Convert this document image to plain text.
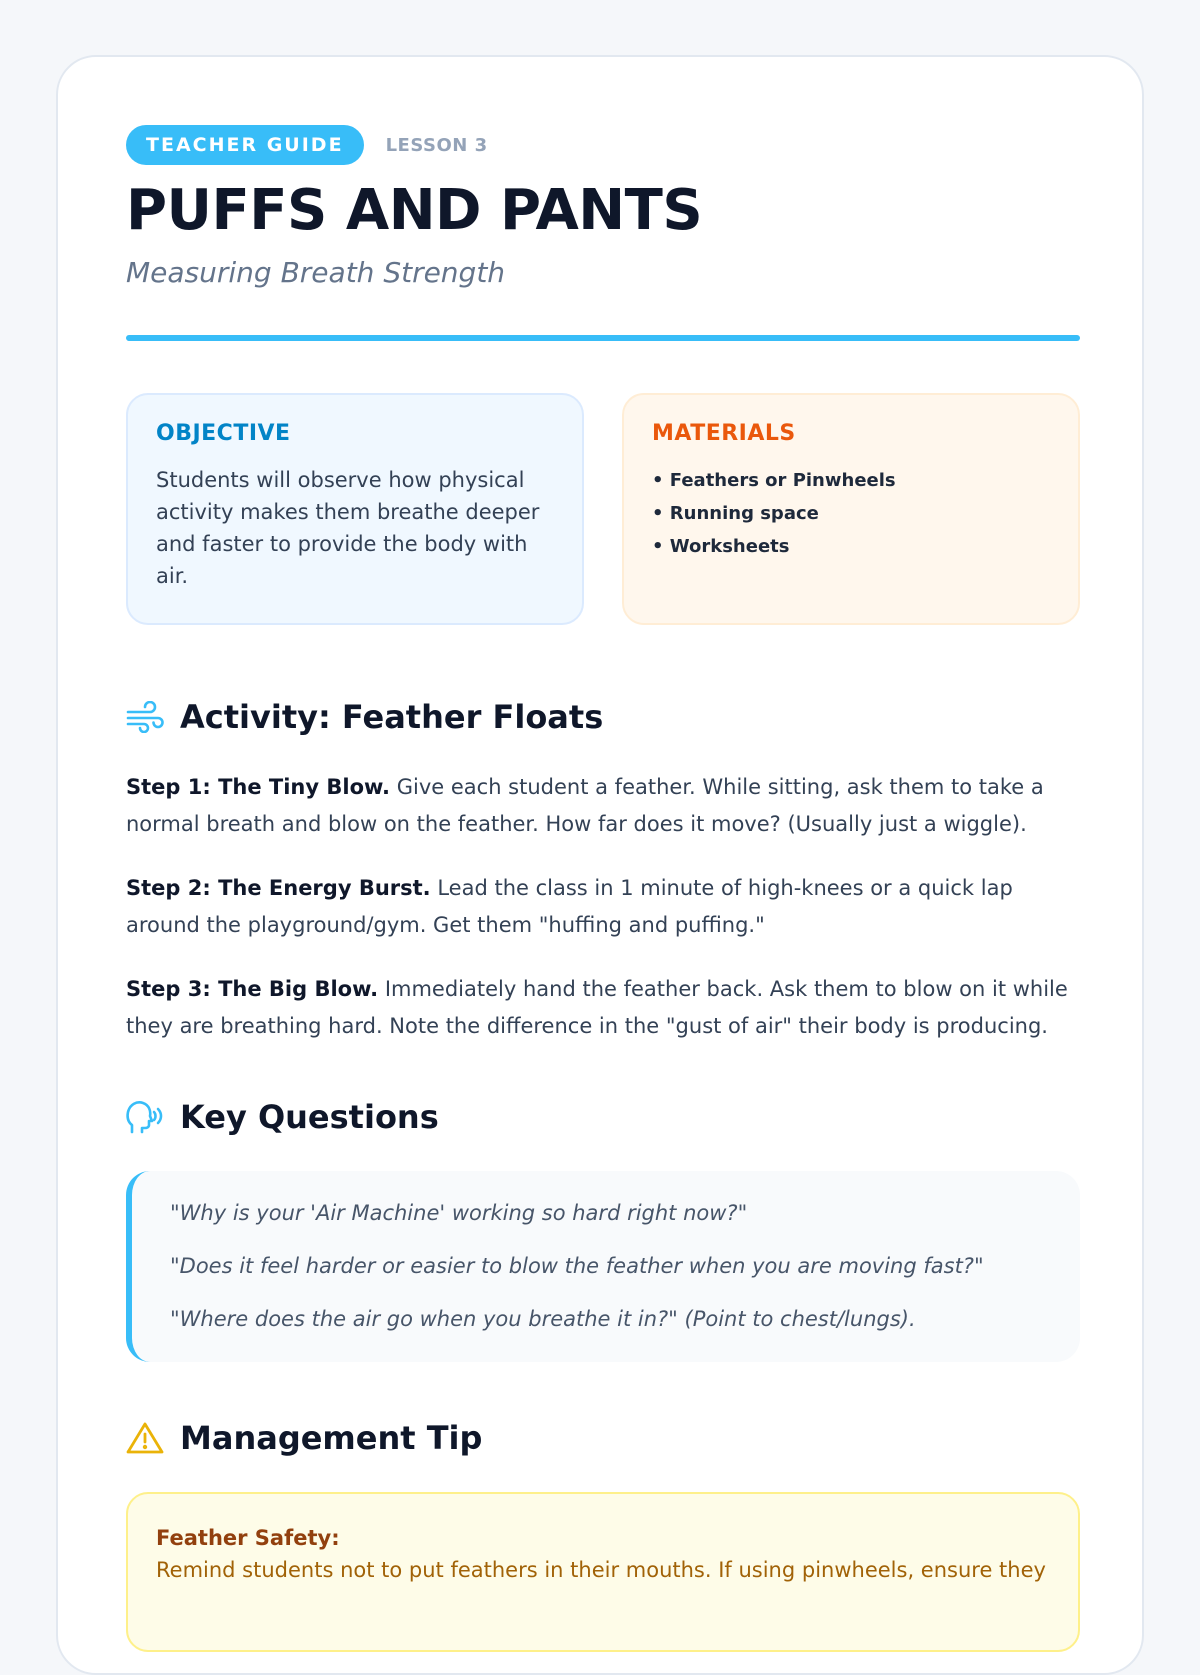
TEACHER GUIDE	LESSON 3
PUFFS AND PANTS
Measuring Breath Strength
OBJECTIVE
Students will observe how physical activity makes them breathe deeper and faster to provide the body with air.
MATERIALS
• Feathers or Pinwheels
• Running space
• Worksheets
Activity: Feather Floats

Step 1: The Tiny Blow. Give each student a feather. While sitting, ask them to take a normal breath and blow on the feather. How far does it move? (Usually just a wiggle).

Step 2: The Energy Burst. Lead the class in 1 minute of high-knees or a quick lap around the playground/gym. Get them "huffing and puffing."

Step 3: The Big Blow. Immediately hand the feather back. Ask them to blow on it while they are breathing hard. Note the difference in the "gust of air" their body is producing.

Key Questions

"Why is your 'Air Machine' working so hard right now?"

"Does it feel harder or easier to blow the feather when you are moving fast?"

"Where does the air go when you breathe it in?" (Point to chest/lungs).

Management Tip
Feather Safety:
Remind students not to put feathers in their mouths. If using pinwheels, ensure they
